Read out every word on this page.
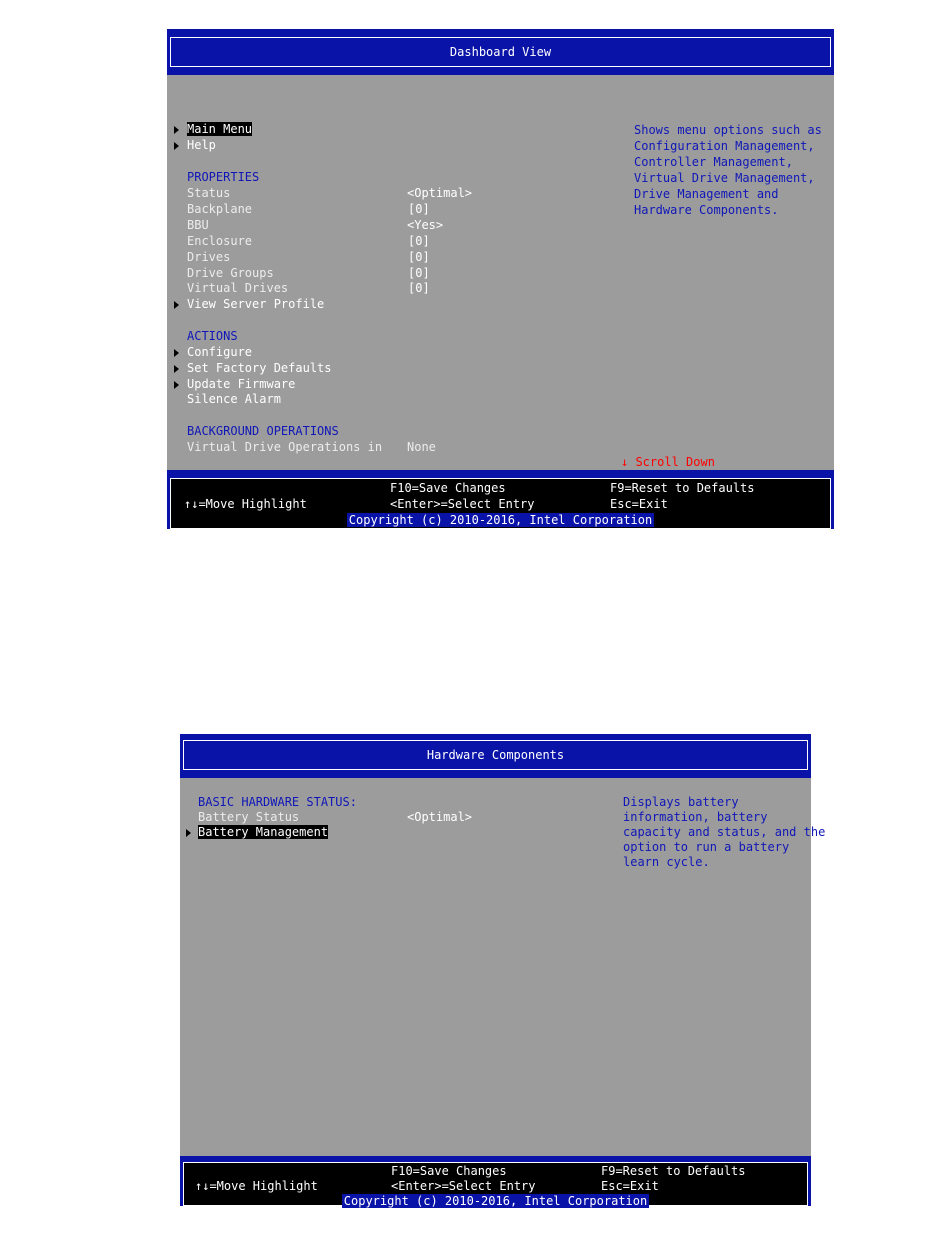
Dashboard View
Main Menu
Help
PROPERTIES
Status	<Optimal>
Backplane	[0]
BBU	<Yes>
Enclosure	[0]
Drives	[0]
Drive Groups	[0]
Virtual Drives	[0]
View Server Profile
ACTIONS
Configure
Set Factory Defaults
Update Firmware
Silence Alarm
BACKGROUND OPERATIONS
Virtual Drive Operations in None
Shows menu options such as
Configuration Management,
Controller Management,
Virtual Drive Management,
Drive Management and
Hardware Components.
↓ Scroll Down
F10=Save Changes	F9=Reset to Defaults
↑↓=Move Highlight	<Enter>=Select Entry	Esc=Exit
Copyright (c) 2010-2016, Intel Corporation
Hardware Components
BASIC HARDWARE STATUS:
Battery Status	<Optimal>
Battery Management
Displays battery
information, battery
capacity and status, and the
option to run a battery
learn cycle.
F10=Save Changes	F9=Reset to Defaults
↑↓=Move Highlight	<Enter>=Select Entry	Esc=Exit
Copyright (c) 2010-2016, Intel Corporation
